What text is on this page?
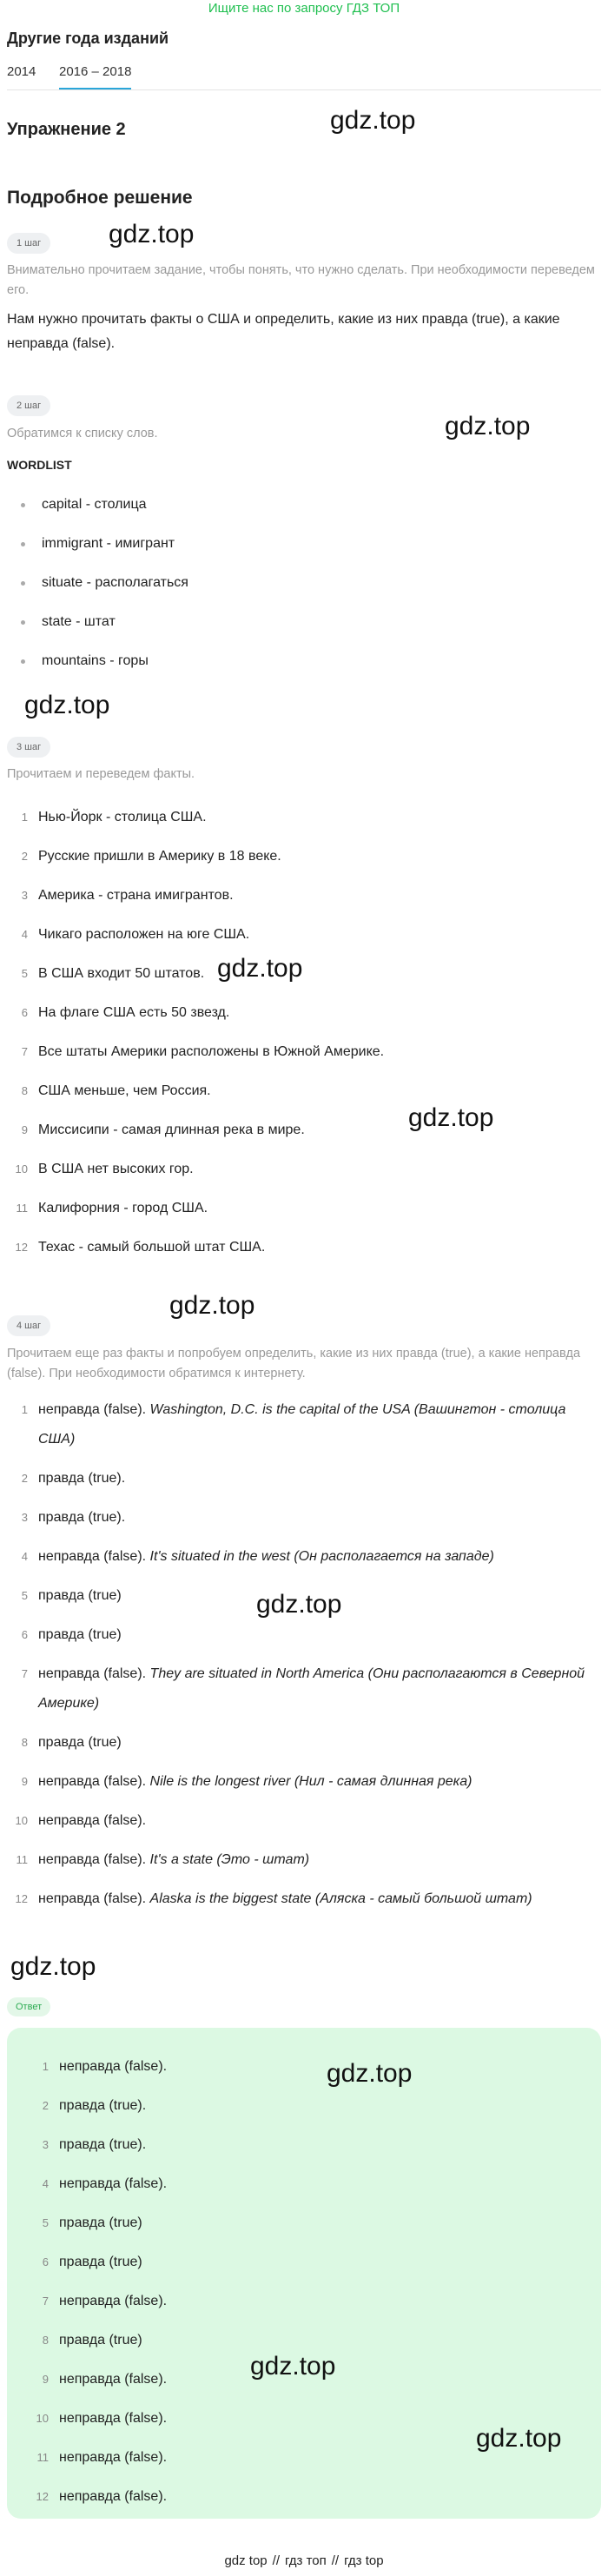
Ищите нас по запросу ГДЗ ТОП
Другие года изданий
2014 2016 – 2018
Упражнение 2
Подробное решение
1 шаг
Внимательно прочитаем задание, чтобы понять, что нужно сделать. При необходимости переведем его.
Нам нужно прочитать факты о США и определить, какие из них правда (true), а какие неправда (false).
2 шаг
Обратимся к списку слов.
WORDLIST
capital - столица
immigrant - имигрант
situate - располагаться
state - штат
mountains - горы
3 шаг
Прочитаем и переведем факты.
1 Нью-Йорк - столица США.
2 Русские пришли в Америку в 18 веке.
3 Америка - страна имигрантов.
4 Чикаго расположен на юге США.
5 В США входит 50 штатов.
6 На флаге США есть 50 звезд.
7 Все штаты Америки расположены в Южной Америке.
8 США меньше, чем Россия.
9 Миссисипи - самая длинная река в мире.
10 В США нет высоких гор.
11 Калифорния - город США.
12 Техас - самый большой штат США.
4 шаг
Прочитаем еще раз факты и попробуем определить, какие из них правда (true), а какие неправда (false). При необходимости обратимся к интернету.
1 неправда (false). Washington, D.C. is the capital of the USA (Вашингтон - столица США)
2 правда (true).
3 правда (true).
4 неправда (false). It's situated in the west (Он располагается на западе)
5 правда (true)
6 правда (true)
7 неправда (false). They are situated in North America (Они располагаются в Северной Америке)
8 правда (true)
9 неправда (false). Nile is the longest river (Нил - самая длинная река)
10 неправда (false).
11 неправда (false). It's a state (Это - штат)
12 неправда (false). Alaska is the biggest state (Аляска - самый большой штат)
Ответ
1 неправда (false).
2 правда (true).
3 правда (true).
4 неправда (false).
5 правда (true)
6 правда (true)
7 неправда (false).
8 правда (true)
9 неправда (false).
10 неправда (false).
11 неправда (false).
12 неправда (false).
gdz.top
gdz.top
gdz.top
gdz.top
gdz.top
gdz.top
gdz.top
gdz.top
gdz.top
gdz.top
gdz.top
gdz.top
gdz top // гдз топ // гдз top
